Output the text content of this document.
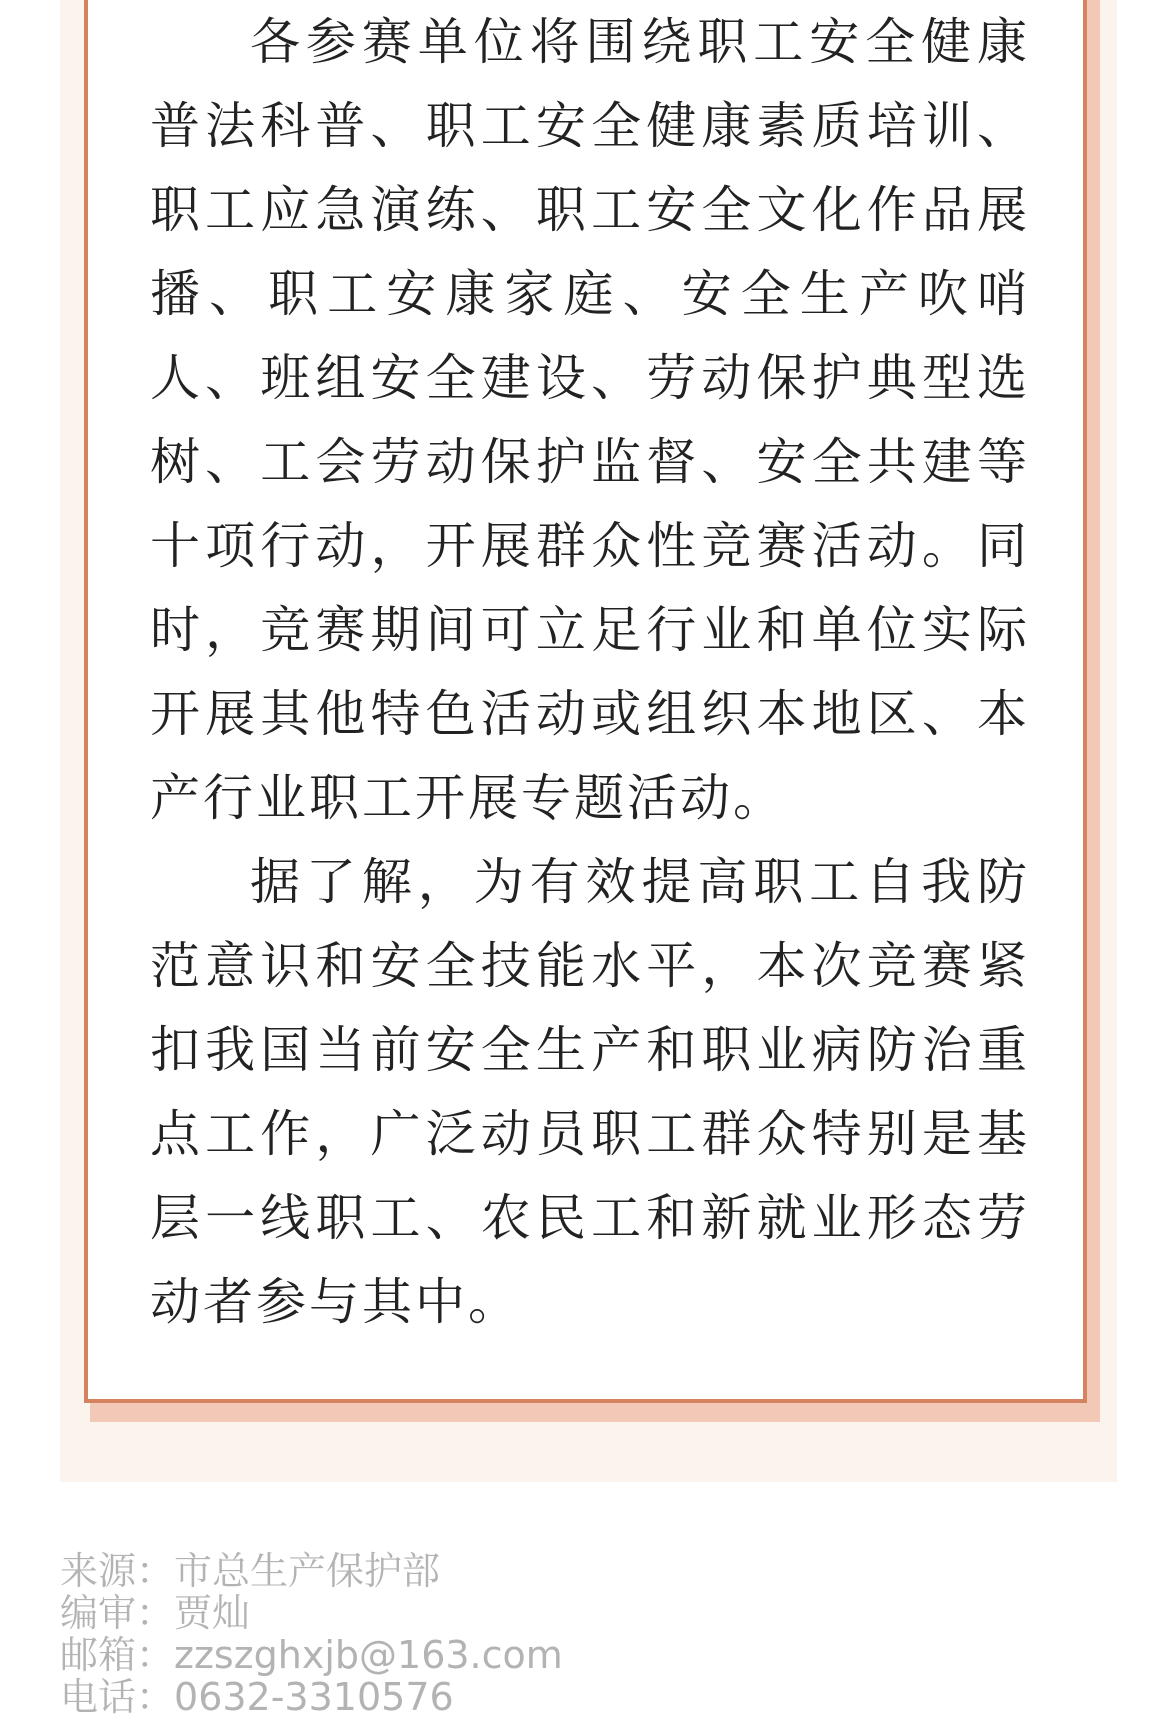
各参赛单位将围绕职工安全健康普法科普、职工安全健康素质培训、职工应急演练、职工安全文化作品展播、职工安康家庭、安全生产吹哨人、班组安全建设、劳动保护典型选树、工会劳动保护监督、安全共建等十项行动，开展群众性竞赛活动。同时，竞赛期间可立足行业和单位实际开展其他特色活动或组织本地区、本产行业职工开展专题活动。

据了解，为有效提高职工自我防范意识和安全技能水平，本次竞赛紧扣我国当前安全生产和职业病防治重点工作，广泛动员职工群众特别是基层一线职工、农民工和新就业形态劳动者参与其中。

来源：市总生产保护部
编审：贾灿
邮箱：zzszghxjb@163.com
电话：0632-3310576
